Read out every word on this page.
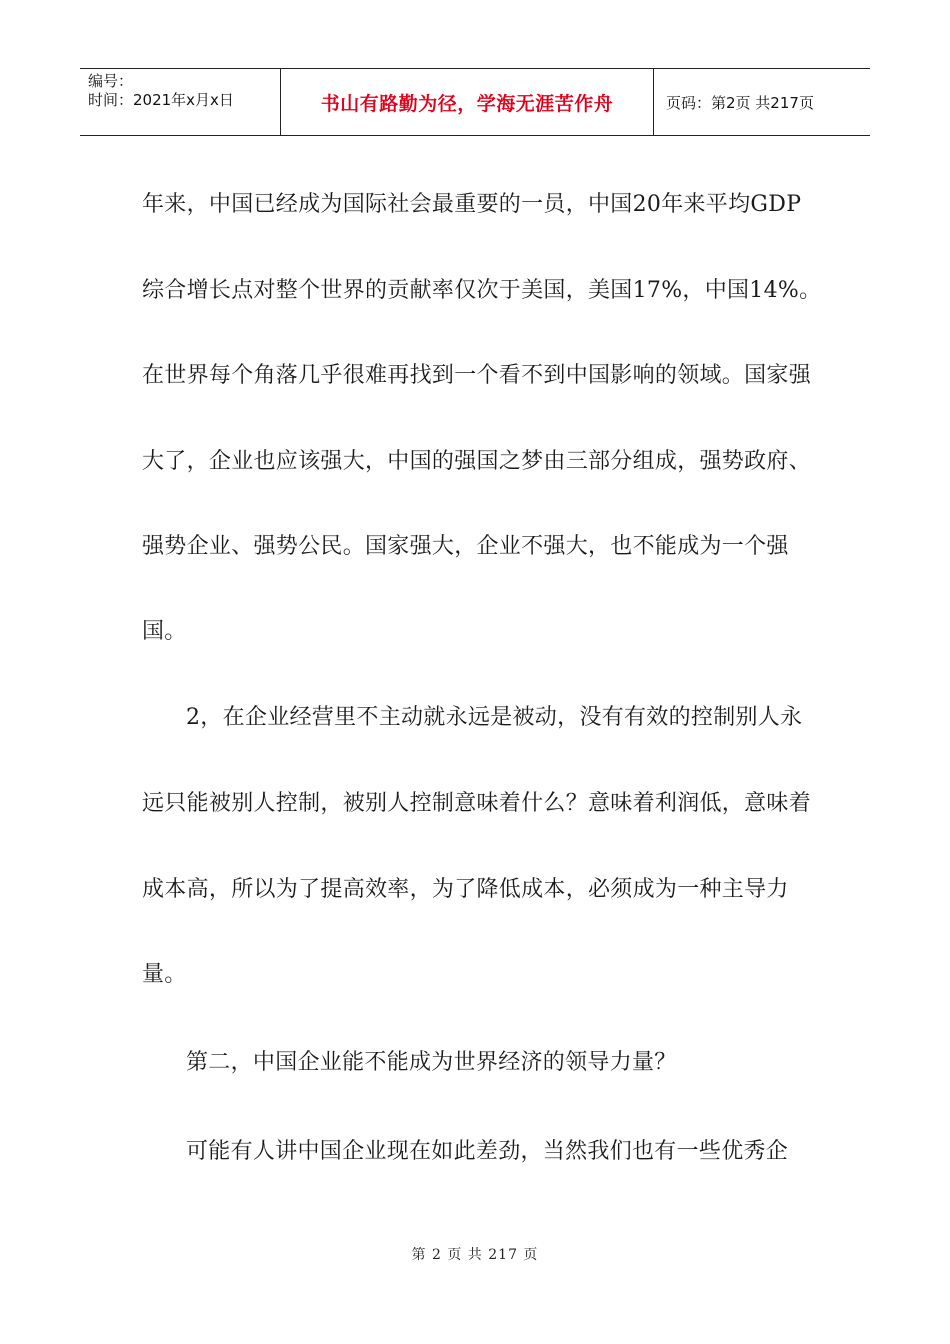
编号：
时间：2021年x月x日	书山有路勤为径，学海无涯苦作舟	页码：第2页 共217页
年来，中国已经成为国际社会最重要的一员，中国20年来平均GDP
综合增长点对整个世界的贡献率仅次于美国，美国17%，中国14%。
在世界每个角落几乎很难再找到一个看不到中国影响的领域。国家强
大了，企业也应该强大，中国的强国之梦由三部分组成，强势政府、
强势企业、强势公民。国家强大，企业不强大，也不能成为一个强
国。
2，在企业经营里不主动就永远是被动，没有有效的控制别人永
远只能被别人控制，被别人控制意味着什么？意味着利润低，意味着
成本高，所以为了提高效率，为了降低成本，必须成为一种主导力
量。
第二，中国企业能不能成为世界经济的领导力量？
可能有人讲中国企业现在如此差劲，当然我们也有一些优秀企
第 2 页 共 217 页
